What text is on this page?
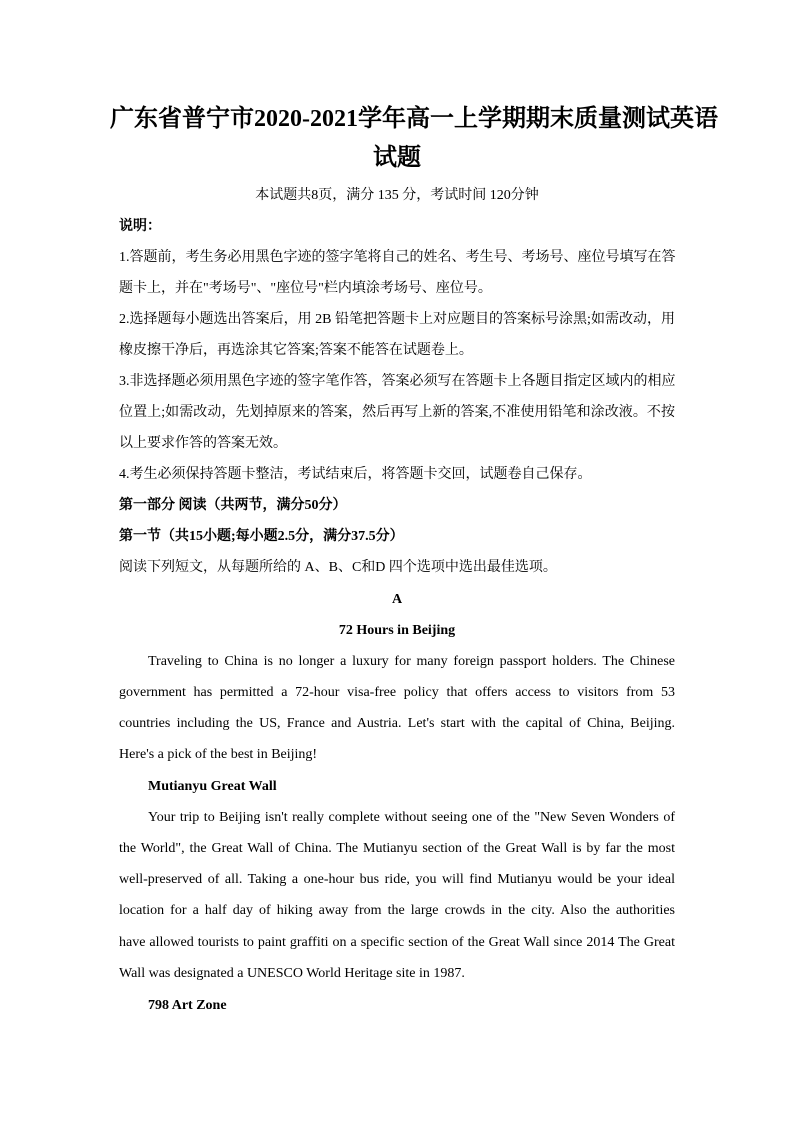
广东省普宁市2020-2021学年高一上学期期末质量测试英语
试题
本试题共8页，满分 135 分，考试时间 120分钟
说明：
1.答题前，考生务必用黑色字迹的签字笔将自己的姓名、考生号、考场号、座位号填写在答
题卡上，并在"考场号"、"座位号"栏内填涂考场号、座位号。
2.选择题每小题选出答案后，用 2B 铅笔把答题卡上对应题目的答案标号涂黑;如需改动，用
橡皮擦干净后，再选涂其它答案;答案不能答在试题卷上。
3.非选择题必须用黑色字迹的签字笔作答，答案必须写在答题卡上各题目指定区域内的相应
位置上;如需改动，先划掉原来的答案，然后再写上新的答案,不准使用铅笔和涂改液。不按
以上要求作答的答案无效。
4.考生必须保持答题卡整洁，考试结束后，将答题卡交回，试题卷自己保存。
第一部分 阅读（共两节，满分50分）
第一节（共15小题;每小题2.5分，满分37.5分）
阅读下列短文，从每题所给的 A、B、C和D 四个选项中选出最佳选项。
A
72 Hours in Beijing
Traveling to China is no longer a luxury for many foreign passport holders. The Chinese
government has permitted a 72-hour visa-free policy that offers access to visitors from 53
countries including the US, France and Austria. Let's start with the capital of China, Beijing.
Here's a pick of the best in Beijing!
Mutianyu Great Wall
Your trip to Beijing isn't really complete without seeing one of the "New Seven Wonders of
the World", the Great Wall of China. The Mutianyu section of the Great Wall is by far the most
well-preserved of all. Taking a one-hour bus ride, you will find Mutianyu would be your ideal
location for a half day of hiking away from the large crowds in the city. Also the authorities
have allowed tourists to paint graffiti on a specific section of the Great Wall since 2014 The Great
Wall was designated a UNESCO World Heritage site in 1987.
798 Art Zone
